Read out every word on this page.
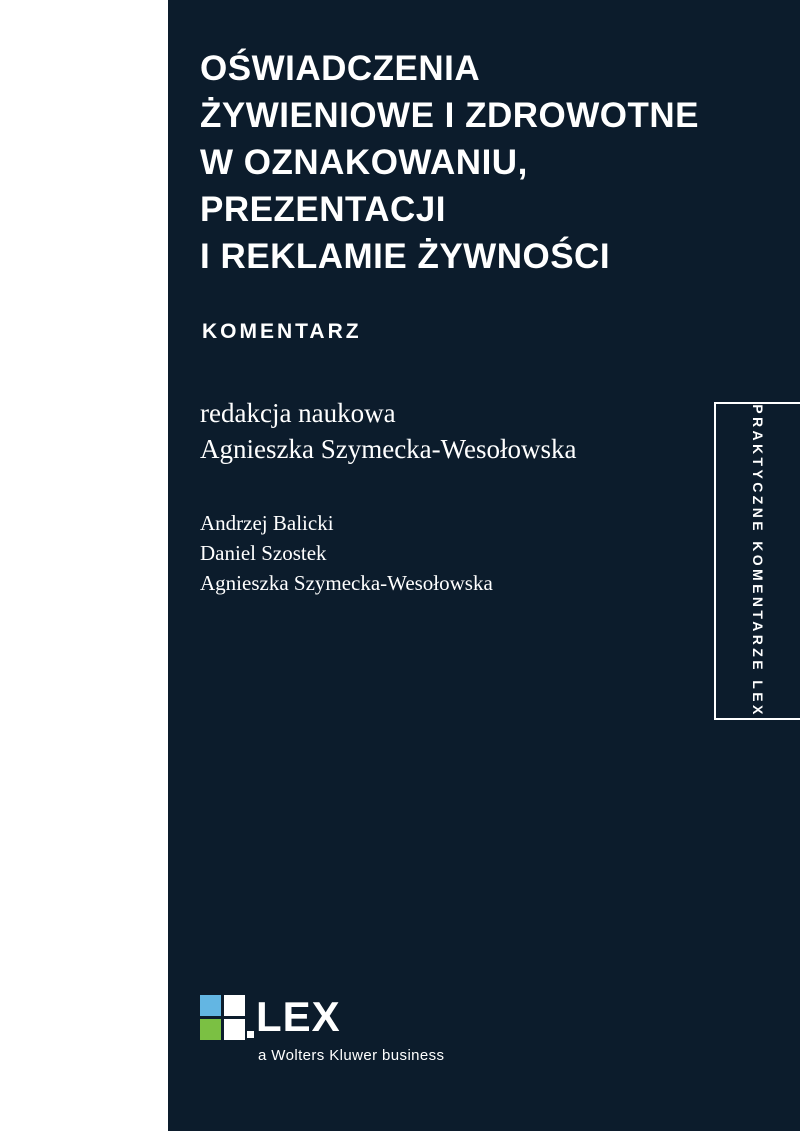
OŚWIADCZENIA
ŻYWIENIOWE I ZDROWOTNE
W OZNAKOWANIU,
PREZENTACJI
I REKLAMIE ŻYWNOŚCI
KOMENTARZ
redakcja naukowa
Agnieszka Szymecka-Wesołowska
Andrzej Balicki
Daniel Szostek
Agnieszka Szymecka-Wesołowska	PRAKTYCZNE KOMENTARZE LEX
LEX
a Wolters Kluwer business
